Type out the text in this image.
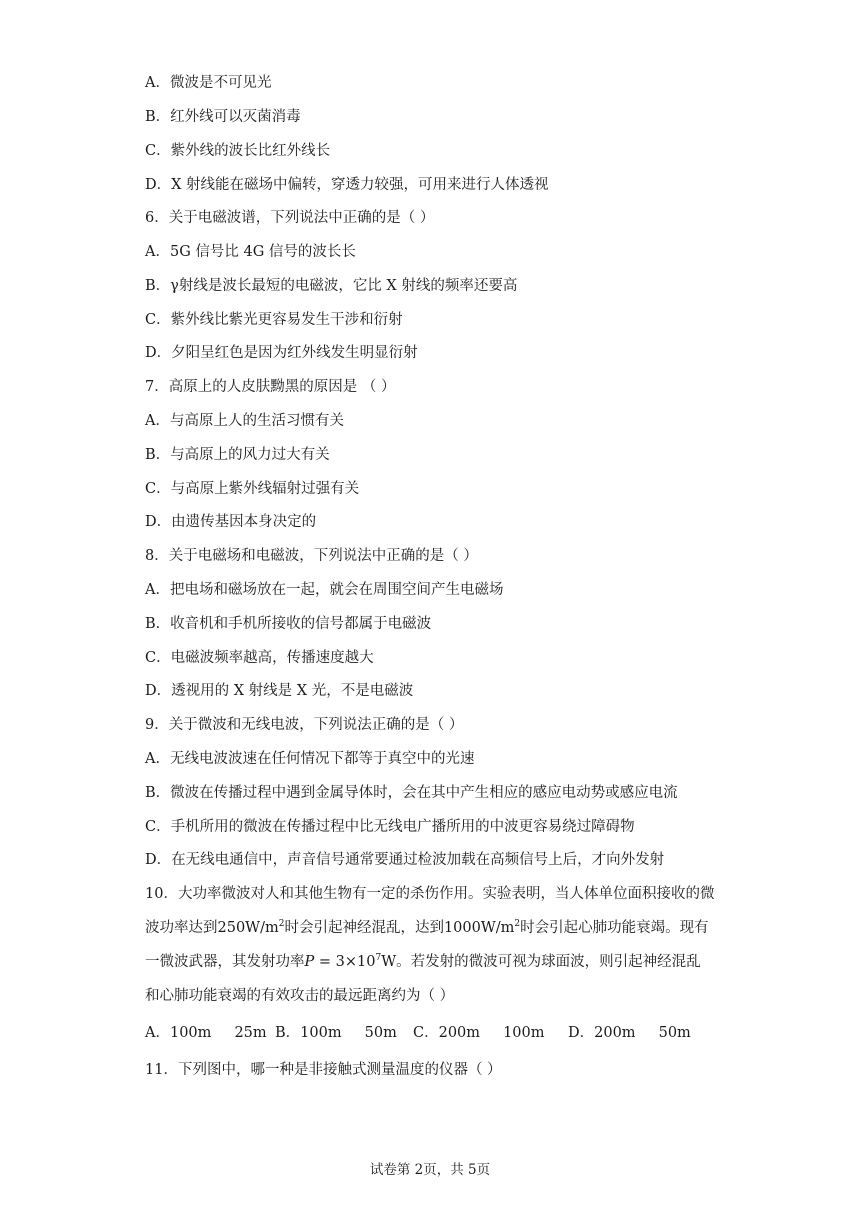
A．微波是不可见光
B．红外线可以灭菌消毒
C．紫外线的波长比红外线长
D．X 射线能在磁场中偏转，穿透力较强，可用来进行人体透视
6．关于电磁波谱，下列说法中正确的是（ ）
A．5G 信号比 4G 信号的波长长
B．γ射线是波长最短的电磁波，它比 X 射线的频率还要高
C．紫外线比紫光更容易发生干涉和衍射
D．夕阳呈红色是因为红外线发生明显衍射
7．高原上的人皮肤黝黑的原因是 （ ）
A．与高原上人的生活习惯有关
B．与高原上的风力过大有关
C．与高原上紫外线辐射过强有关
D．由遗传基因本身决定的
8．关于电磁场和电磁波，下列说法中正确的是（ ）
A．把电场和磁场放在一起，就会在周围空间产生电磁场
B．收音机和手机所接收的信号都属于电磁波
C．电磁波频率越高，传播速度越大
D．透视用的 X 射线是 X 光，不是电磁波
9．关于微波和无线电波，下列说法正确的是（ ）
A．无线电波波速在任何情况下都等于真空中的光速
B．微波在传播过程中遇到金属导体时，会在其中产生相应的感应电动势或感应电流
C．手机所用的微波在传播过程中比无线电广播所用的中波更容易绕过障碍物
D．在无线电通信中，声音信号通常要通过检波加载在高频信号上后，才向外发射
10．大功率微波对人和其他生物有一定的杀伤作用。实验表明，当人体单位面积接收的微波功率达到$250W/m^2$时会引起神经混乱，达到$1000W/m^2$时会引起心肺功能衰竭。现有一微波武器，其发射功率$P = 3\times 10^7W$。若发射的微波可视为球面波，则引起神经混乱和心肺功能衰竭的有效攻击的最远距离约为（ ）
A．100m 25m B．100m 50m C．200m 100m D．200m 50m
11．下列图中，哪一种是非接触式测量温度的仪器（ ）
试卷第 2页，共 5页
